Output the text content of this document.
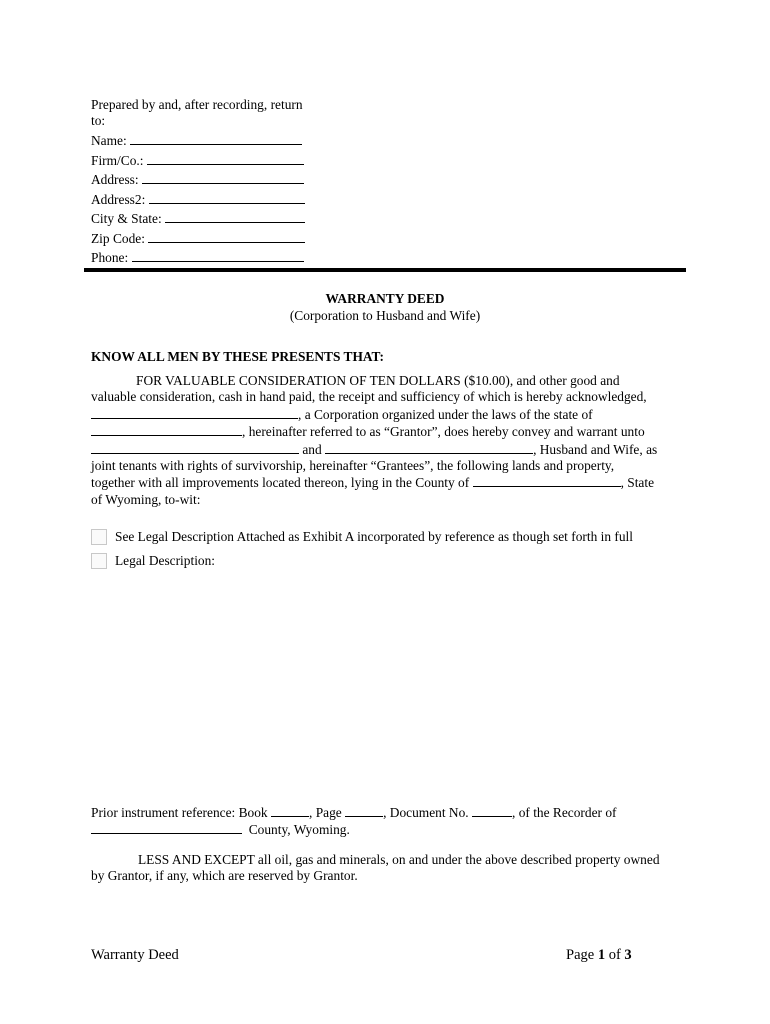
Prepared by and, after recording, return to:
Name:
Firm/Co.:
Address:
Address2:
City & State:
Zip Code:
Phone:
WARRANTY DEED
(Corporation to Husband and Wife)
KNOW ALL MEN BY THESE PRESENTS THAT:
FOR VALUABLE CONSIDERATION OF TEN DOLLARS ($10.00), and other good and
valuable consideration, cash in hand paid, the receipt and sufficiency of which is hereby acknowledged,
, a Corporation organized under the laws of the state of
, hereinafter referred to as “Grantor”, does hereby convey and warrant unto
and	, Husband and Wife, as
joint tenants with rights of survivorship, hereinafter “Grantees”, the following lands and property,
together with all improvements located thereon, lying in the County of	, State
of Wyoming, to-wit:
See Legal Description Attached as Exhibit A incorporated by reference as though set forth in full
Legal Description:
Prior instrument reference: Book	, Page	, Document No.	, of the Recorder of
County, Wyoming.
LESS AND EXCEPT all oil, gas and minerals, on and under the above described property owned
by Grantor, if any, which are reserved by Grantor.
Warranty Deed	Page 1 of 3
